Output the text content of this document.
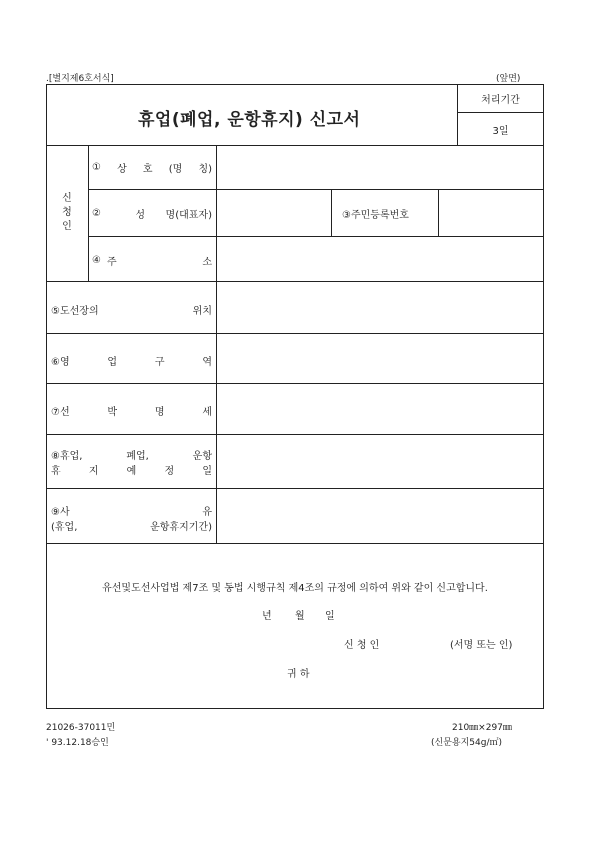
.[별지제6호서식]	(앞면)
휴업(폐업, 운항휴지) 신고서
처리기간
3일
신
청
인
① 상 호 (명 칭)
②	성 명(대표자)	③주민등록번호
④ 주	소
⑤도선장의	위치
⑥영	업	구	역
⑦선	박	명	세
⑧휴업,	폐업,	운항
휴	지	예	정	일
⑨사	유
(휴업,	운항휴지기간)
유선및도선사업법 제7조 및 동법 시행규칙 제4조의 규정에 의하여 위와 같이 신고합니다.
년 월 일
신 청 인	(서명 또는 인)
귀 하
21026-37011민
' 93.12.18승인
210㎜×297㎜
(신문용지54g/㎡)
